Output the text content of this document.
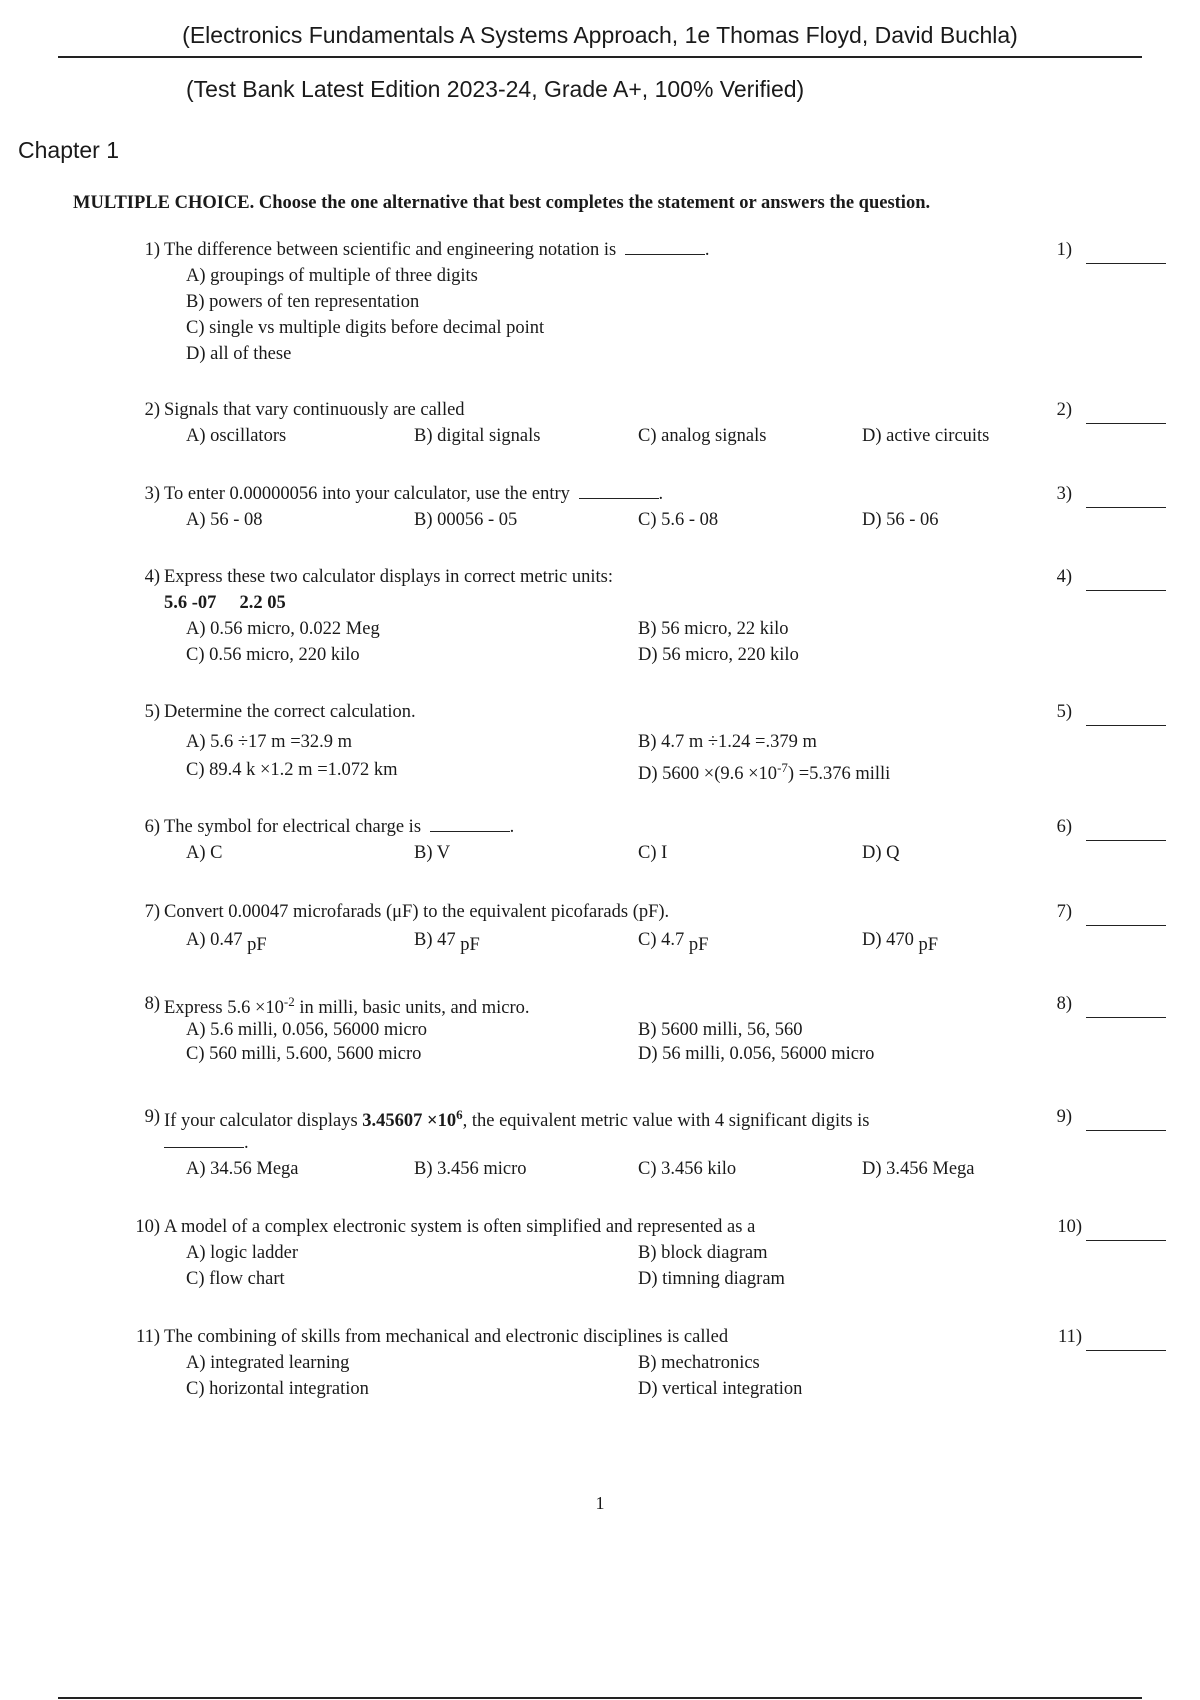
(Electronics Fundamentals A Systems Approach, 1e Thomas Floyd, David Buchla)
(Test Bank Latest Edition 2023-24, Grade A+, 100% Verified)
Chapter 1
MULTIPLE CHOICE. Choose the one alternative that best completes the statement or answers the question.
1) The difference between scientific and engineering notation is	.	1)
A) groupings of multiple of three digits
B) powers of ten representation
C) single vs multiple digits before decimal point
D) all of these
2) Signals that vary continuously are called	2)
A) oscillators	B) digital signals	C) analog signals	D) active circuits
3) To enter 0.00000056 into your calculator, use the entry	.	3)
A) 56 - 08	B) 00056 - 05	C) 5.6 - 08	D) 56 - 06
4) Express these two calculator displays in correct metric units:	4)
5.6 -07     2.2 05
A) 0.56 micro, 0.022 Meg	B) 56 micro, 22 kilo
C) 0.56 micro, 220 kilo	D) 56 micro, 220 kilo
5) Determine the correct calculation.	5)
A) 5.6 ÷17 m =32.9 m	B) 4.7 m ÷1.24 =.379 m
C) 89.4 k ×1.2 m =1.072 km	D) $5600 \times(9.6 \times 10^{-7}) =5.376$ milli
6) The symbol for electrical charge is	.	6)
A) C	B) V	C) I	D) Q
7) Convert 0.00047 microfarads (μF) to the equivalent picofarads (pF).	7)
A) 0.47 pF	B) 47 pF	C) 4.7 pF	D) 470 pF
8) Express $5.6 \times 10^{-2}$ in milli, basic units, and micro.	8)
A) 5.6 milli, 0.056, 56000 micro	B) 5600 milli, 56, 560
C) 560 milli, 5.600, 5600 micro	D) 56 milli, 0.056, 56000 micro
9) If your calculator displays $3.45607 \times 10^6$, the equivalent metric value with 4 significant digits is
.
9)
A) 34.56 Mega	B) 3.456 micro	C) 3.456 kilo	D) 3.456 Mega
10) A model of a complex electronic system is often simplified and represented as a	10)
A) logic ladder	B) block diagram
C) flow chart	D) timning diagram
11) The combining of skills from mechanical and electronic disciplines is called	11)
A) integrated learning	B) mechatronics
C) horizontal integration	D) vertical integration
1
